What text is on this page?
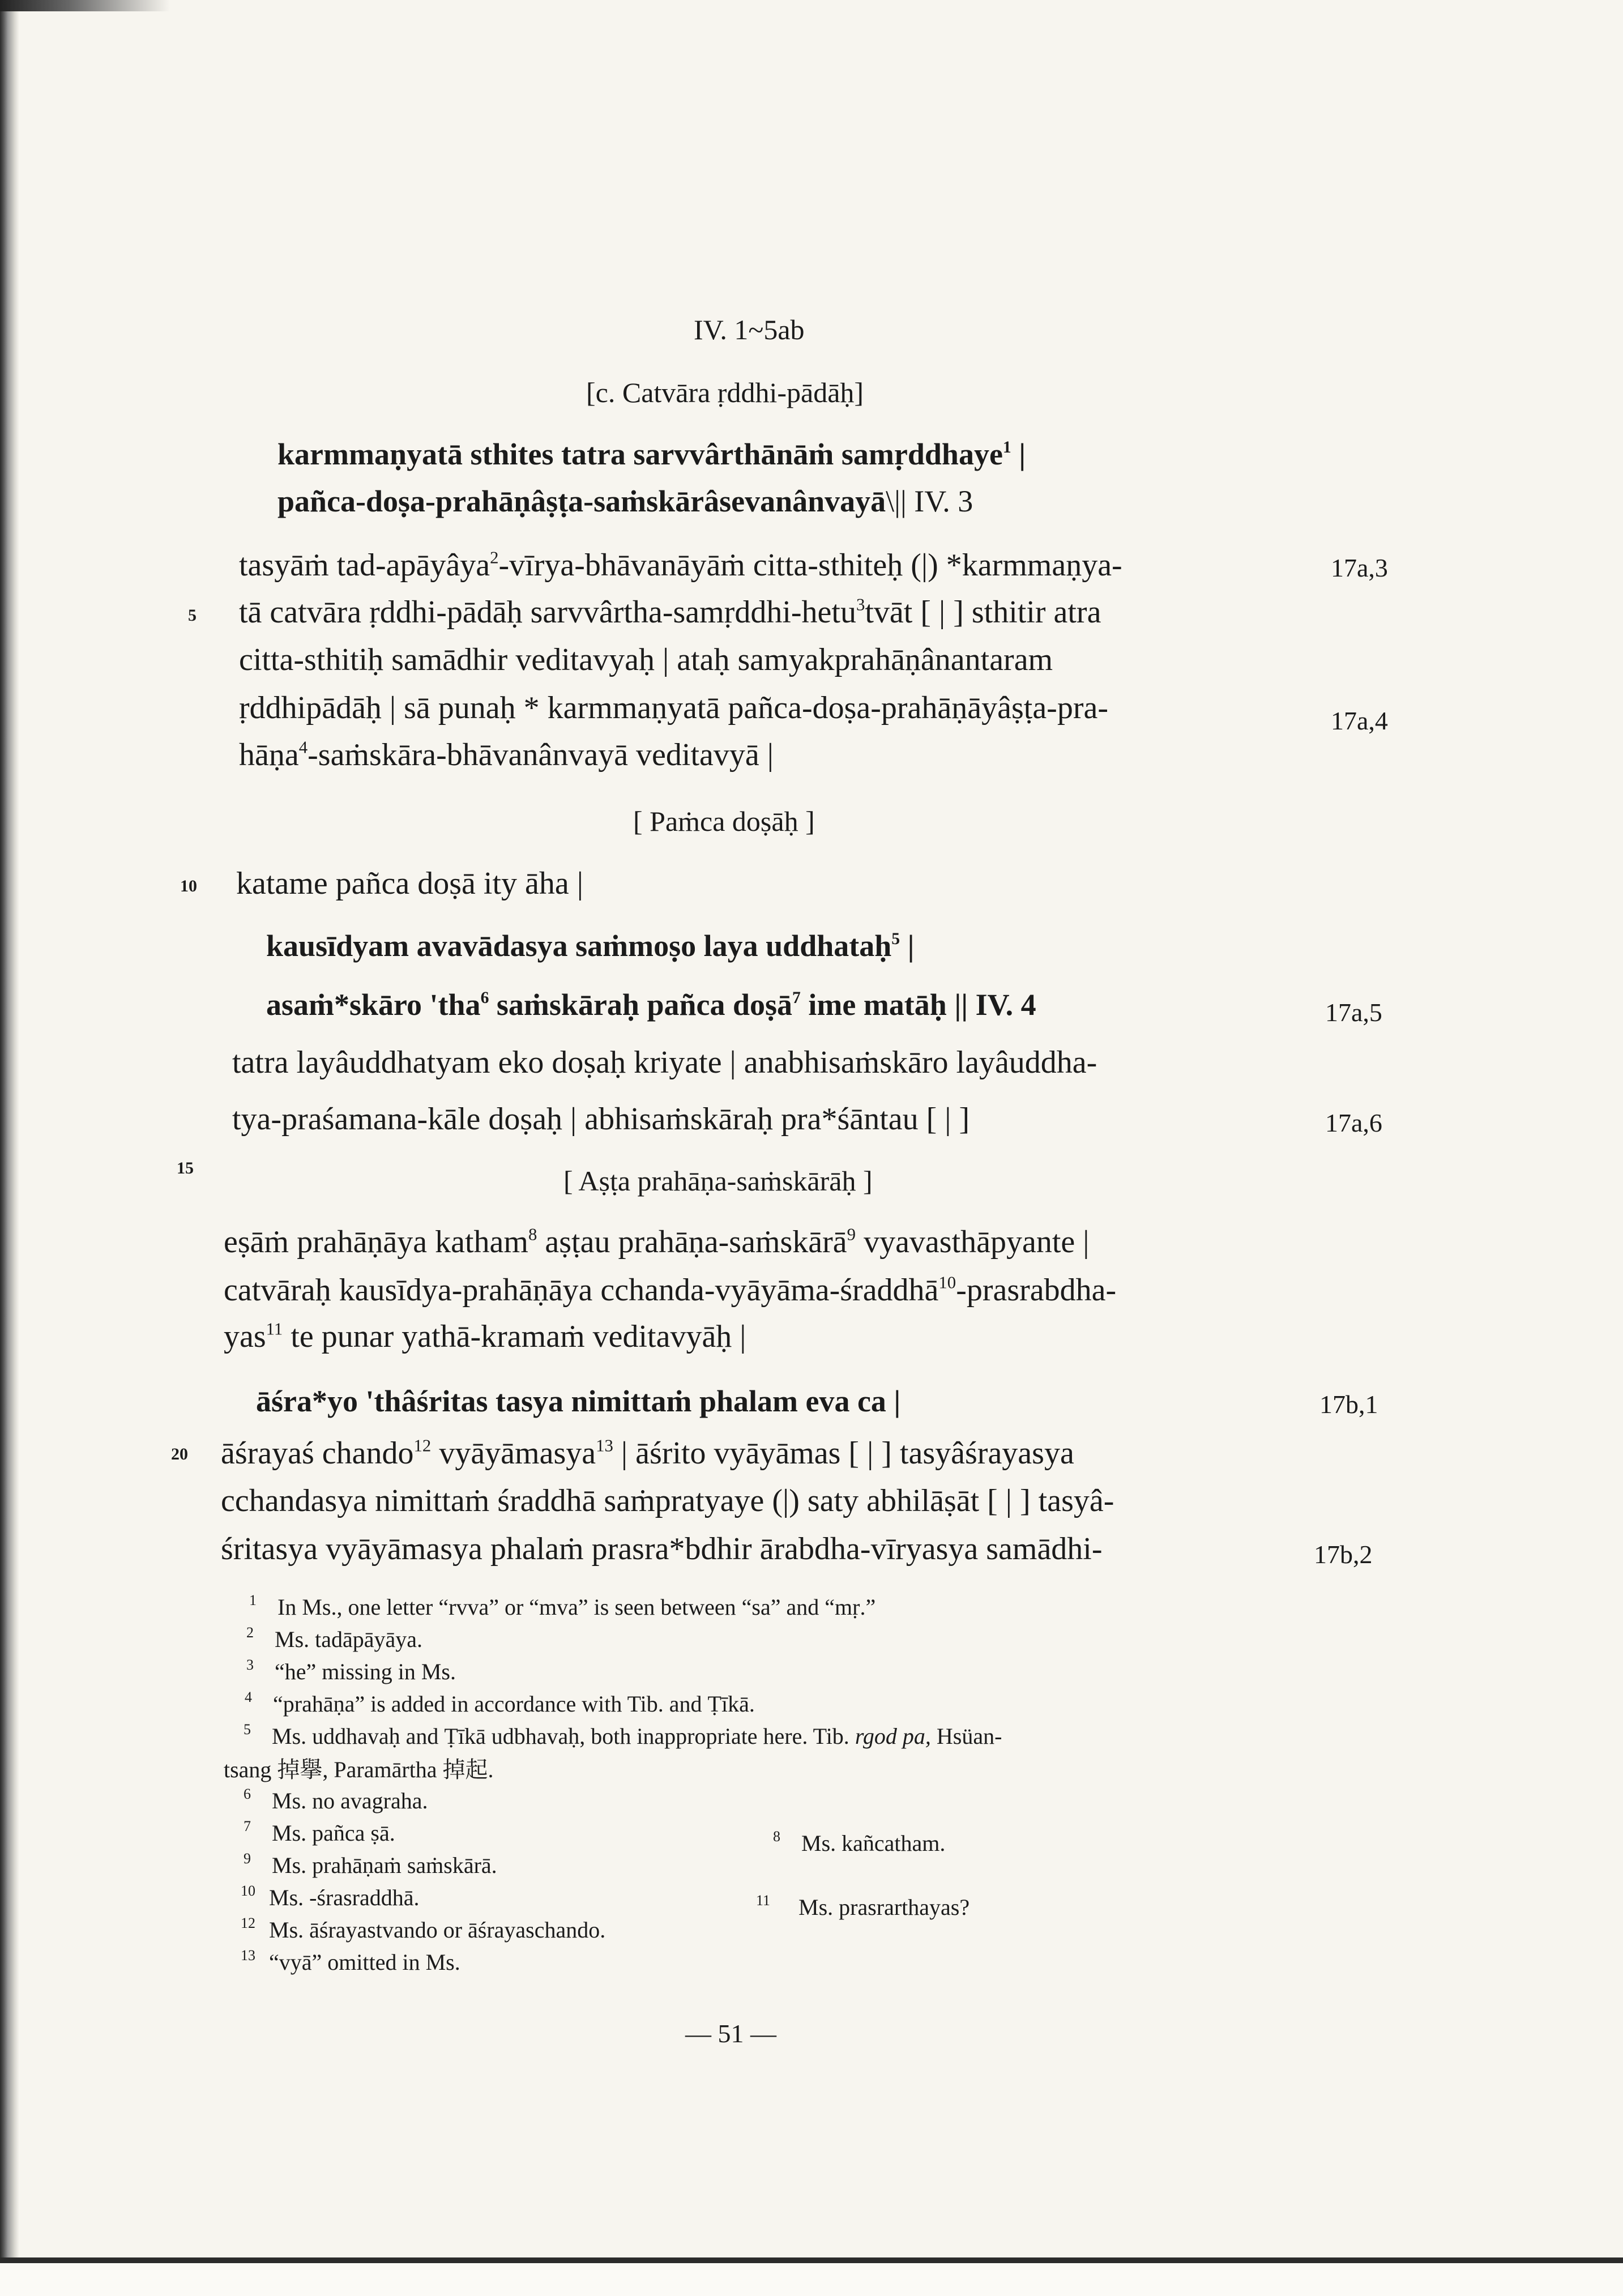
IV. 1~5ab
[c. Catvāra ṛddhi-pādāḥ]
karmmaṇyatā sthites tatra sarvvârthānāṁ samṛddhaye$^1$ |
pañca-doṣa-prahāṇâṣṭa-saṁskārâsevanânvayā\|| IV. 3
tasyāṁ tad-apāyâya$^2$-vīrya-bhāvanāyāṁ citta-sthiteḥ (|) *karmmaṇya-
tā catvāra ṛddhi-pādāḥ sarvvârtha-samṛddhi-hetu$^3$tvāt [ | ] sthitir atra
citta-sthitiḥ samādhir veditavyaḥ | ataḥ samyakprahāṇânantaram
ṛddhipādāḥ | sā punaḥ * karmmaṇyatā pañca-doṣa-prahāṇāyâṣṭa-pra-
hāṇa$^4$-saṁskāra-bhāvanânvayā veditavyā |
[ Paṁca doṣāḥ ]
katame pañca doṣā ity āha |
kausīdyam avavādasya saṁmoṣo laya uddhataḥ$^5$ |
asaṁ*skāro 'tha$^6$ saṁskāraḥ pañca doṣā$^7$ ime matāḥ || IV. 4
tatra layâuddhatyam eko doṣaḥ kriyate | anabhisaṁskāro layâuddha-
tya-praśamana-kāle doṣaḥ | abhisaṁskāraḥ pra*śāntau [ | ]
[ Aṣṭa prahāṇa-saṁskārāḥ ]
eṣāṁ prahāṇāya katham$^8$ aṣṭau prahāṇa-saṁskārā$^9$ vyavasthāpyante |
catvāraḥ kausīdya-prahāṇāya cchanda-vyāyāma-śraddhā$^{10}$-prasrabdha-
yas$^{11}$ te punar yathā-kramaṁ veditavyāḥ |
āśra*yo 'thâśritas tasya nimittaṁ phalam eva ca |
āśrayaś chando$^{12}$ vyāyāmasya$^{13}$ | āśrito vyāyāmas [ | ] tasyâśrayasya
cchandasya nimittaṁ śraddhā saṁpratyaye (|) saty abhilāṣāt [ | ] tasyâ-
śritasya vyāyāmasya phalaṁ prasra*bdhir ārabdha-vīryasya samādhi-
17a,3
17a,4
17a,5
17a,6
17b,1
17b,2
5
10
15
20
1 In Ms., one letter “rvva” or “mva” is seen between “sa” and “mṛ.”
2 Ms. tadāpāyāya.
3 “he” missing in Ms.
4 “prahāṇa” is added in accordance with Tib. and Ṭīkā.
5 Ms. uddhavaḥ and Ṭīkā udbhavaḥ, both inappropriate here. Tib. rgod pa, Hsüan-
tsang 掉擧, Paramārtha 掉起.
6 Ms. no avagraha.
7 Ms. pañca ṣā.	8 Ms. kañcatham.
9 Ms. prahāṇaṁ saṁskārā.
10 Ms. -śrasraddhā.	11 Ms. prasrarthayas?
12 Ms. āśrayastvando or āśrayaschando.
13 “vyā” omitted in Ms.
— 51 —
